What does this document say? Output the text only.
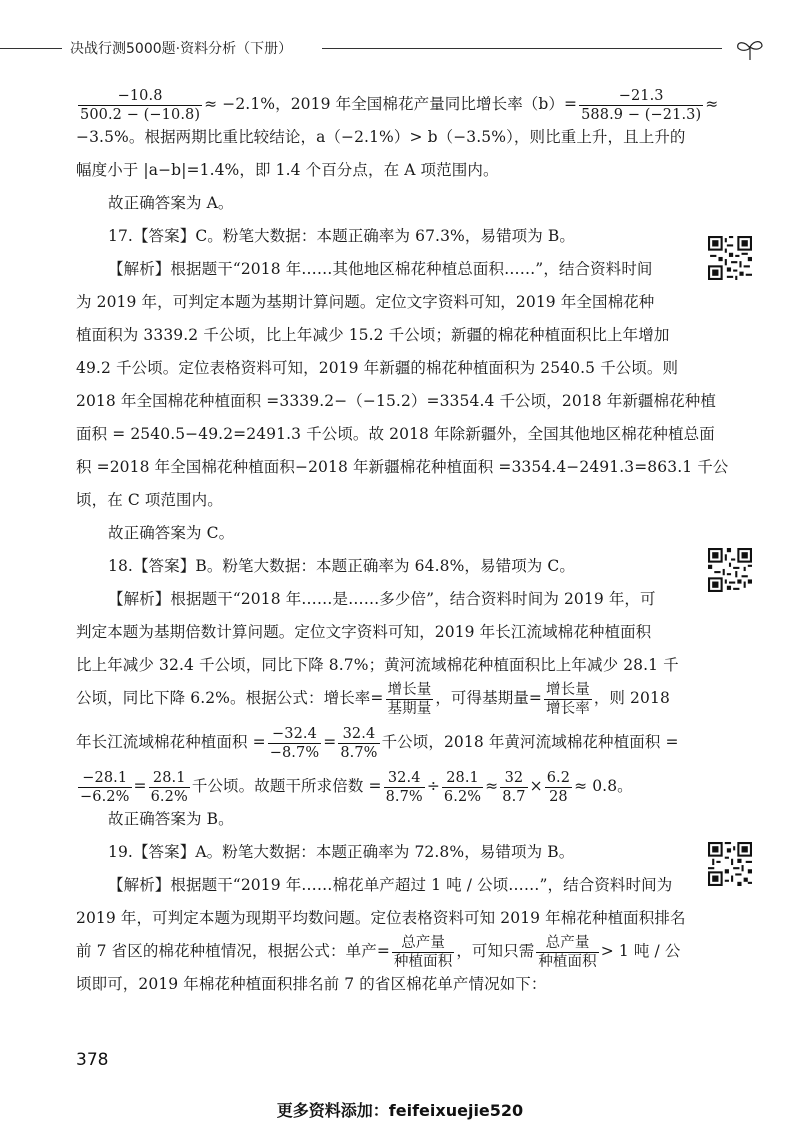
决战行测5000题·资料分析（下册）

$\frac{-10.8}{500.2 - (-10.8)} \approx -2.1\%$，2019 年全国棉花产量同比增长率$(b)= \frac{-21.3}{588.9 - (-21.3)}$ ≈

−3.5%。根据两期比重比较结论，a（−2.1%）> b（−3.5%），则比重上升，且上升的

幅度小于 |a−b|=1.4%，即 1.4 个百分点，在 A 项范围内。

故正确答案为 A。

17.【答案】C。粉笔大数据：本题正确率为 67.3%，易错项为 B。

【解析】根据题干“2018 年……其他地区棉花种植总面积……”，结合资料时间

为 2019 年，可判定本题为基期计算问题。定位文字资料可知，2019 年全国棉花种

植面积为 3339.2 千公顷，比上年减少 15.2 千公顷；新疆的棉花种植面积比上年增加

49.2 千公顷。定位表格资料可知，2019 年新疆的棉花种植面积为 2540.5 千公顷。则

2018 年全国棉花种植面积 =3339.2−（−15.2）=3354.4 千公顷，2018 年新疆棉花种植

面积 = 2540.5−49.2=2491.3 千公顷。故 2018 年除新疆外，全国其他地区棉花种植总面

积 =2018 年全国棉花种植面积−2018 年新疆棉花种植面积 =3354.4−2491.3=863.1 千公

顷，在 C 项范围内。

故正确答案为 C。

18.【答案】B。粉笔大数据：本题正确率为 64.8%，易错项为 C。

【解析】根据题干“2018 年……是……多少倍”，结合资料时间为 2019 年，可

判定本题为基期倍数计算问题。定位文字资料可知，2019 年长江流域棉花种植面积

比上年减少 32.4 千公顷，同比下降 8.7%；黄河流域棉花种植面积比上年减少 28.1 千

公顷，同比下降 6.2%。根据公式：增长率= $\frac{\text{增长量}}{\text{基期量}}$ ，可得基期量= $\frac{\text{增长量}}{\text{增长率}}$ ，则 2018

年长江流域棉花种植面积 = $\frac{-32.4}{-8.7\%} = \frac{32.4}{8.7\%}$ 千公顷，2018 年黄河流域棉花种植面积 =

$\frac{-28.1}{-6.2\%} = \frac{28.1}{6.2\%}$ 千公顷。故题干所求倍数 = $\frac{32.4}{8.7\%} \div \frac{28.1}{6.2\%} \approx \frac{32}{8.7} \times \frac{6.2}{28} \approx 0.8$。

故正确答案为 B。

19.【答案】A。粉笔大数据：本题正确率为 72.8%，易错项为 B。

【解析】根据题干“2019 年……棉花单产超过 1 吨 / 公顷……”，结合资料时间为

2019 年，可判定本题为现期平均数问题。定位表格资料可知 2019 年棉花种植面积排名

前 7 省区的棉花种植情况，根据公式：单产= $\frac{\text{总产量}}{\text{种植面积}}$ ，可知只需 $\frac{\text{总产量}}{\text{种植面积}} > 1$ 吨 / 公

顷即可，2019 年棉花种植面积排名前 7 的省区棉花单产情况如下：

378
更多资料添加：feifeixuejie520
